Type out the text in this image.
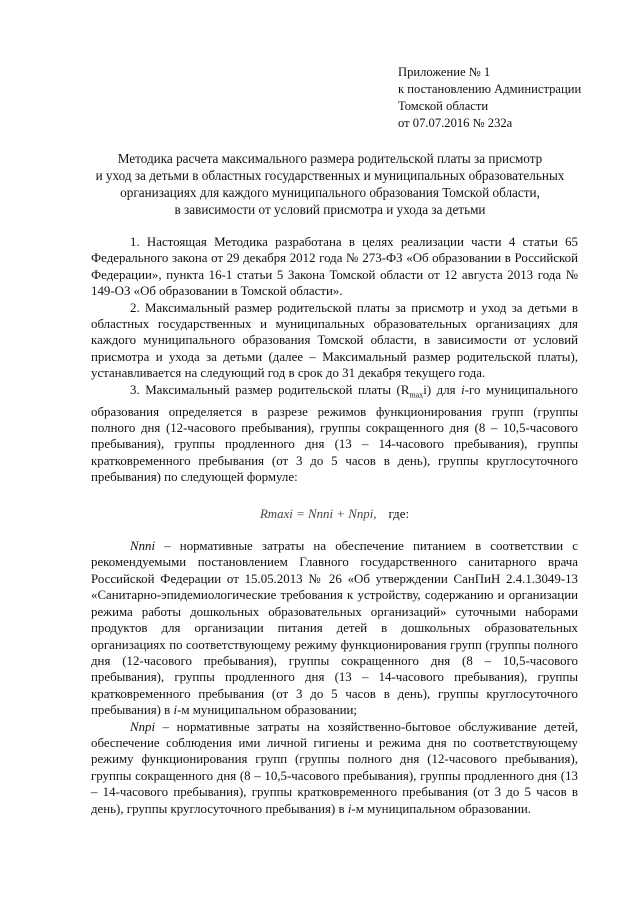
Приложение № 1
к постановлению Администрации
Томской области
от 07.07.2016 № 232а
Методика расчета максимального размера родительской платы за присмотр
и уход за детьми в областных государственных и муниципальных образовательных
организациях для каждого муниципального образования Томской области,
в зависимости от условий присмотра и ухода за детьми

1. Настоящая Методика разработана в целях реализации части 4 статьи 65 Федерального закона от 29 декабря 2012 года № 273-ФЗ «Об образовании в Российской Федерации», пункта 16-1 статьи 5 Закона Томской области от 12 августа 2013 года № 149-ОЗ «Об образовании в Томской области».

2. Максимальный размер родительской платы за присмотр и уход за детьми в областных государственных и муниципальных образовательных организациях для каждого муниципального образования Томской области, в зависимости от условий присмотра и ухода за детьми (далее – Максимальный размер родительской платы), устанавливается на следующий год в срок до 31 декабря текущего года.

3. Максимальный размер родительской платы $(R_{max}i)$ для i-го муниципального образования определяется в разрезе режимов функционирования групп (группы полного дня (12-часового пребывания), группы сокращенного дня (8 – 10,5-часового пребывания), группы продленного дня (13 – 14-часового пребывания), группы кратковременного пребывания (от 3 до 5 часов в день), группы круглосуточного пребывания) по следующей формуле:

Rmaxi = Nппi + Nпрi, где:

Nппi – нормативные затраты на обеспечение питанием в соответствии с рекомендуемыми постановлением Главного государственного санитарного врача Российской Федерации от 15.05.2013 № 26 «Об утверждении СанПиН 2.4.1.3049-13 «Санитарно-эпидемиологические требования к устройству, содержанию и организации режима работы дошкольных образовательных организаций» суточными наборами продуктов для организации питания детей в дошкольных образовательных организациях по соответствующему режиму функционирования групп (группы полного дня (12-часового пребывания), группы сокращенного дня (8 – 10,5-часового пребывания), группы продленного дня (13 – 14-часового пребывания), группы кратковременного пребывания (от 3 до 5 часов в день), группы круглосуточного пребывания) в i-м муниципальном образовании;

Nпрi – нормативные затраты на хозяйственно-бытовое обслуживание детей, обеспечение соблюдения ими личной гигиены и режима дня по соответствующему режиму функционирования групп (группы полного дня (12-часового пребывания), группы сокращенного дня (8 – 10,5-часового пребывания), группы продленного дня (13 – 14-часового пребывания), группы кратковременного пребывания (от 3 до 5 часов в день), группы круглосуточного пребывания) в i-м муниципальном образовании.
